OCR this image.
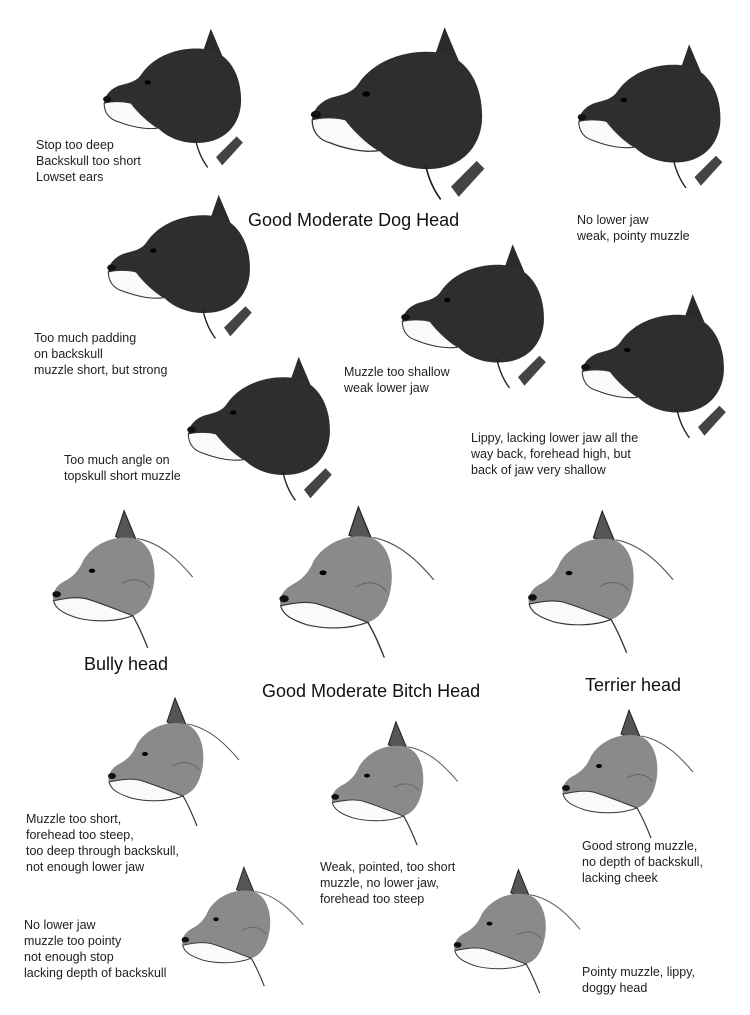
Good Moderate Dog Head
Bully head
Good Moderate Bitch Head	Terrier head
Stop too deep
Backskull too short
Lowset ears
No lower jaw
weak, pointy muzzle
Too much padding
on backskull
muzzle short, but strong	Muzzle too shallow
weak lower jaw
Too much angle on
topskull short muzzle
Lippy, lacking lower jaw all the
way back, forehead high, but
back of jaw very shallow
Muzzle too short,
forehead too steep,
too deep through backskull,
not enough lower jaw	Weak, pointed, too short
muzzle, no lower jaw,
forehead too steep
Good strong muzzle,
no depth of backskull,
lacking cheek
No lower jaw
muzzle too pointy
not enough stop
lacking depth of backskull	Pointy muzzle, lippy,
doggy head
